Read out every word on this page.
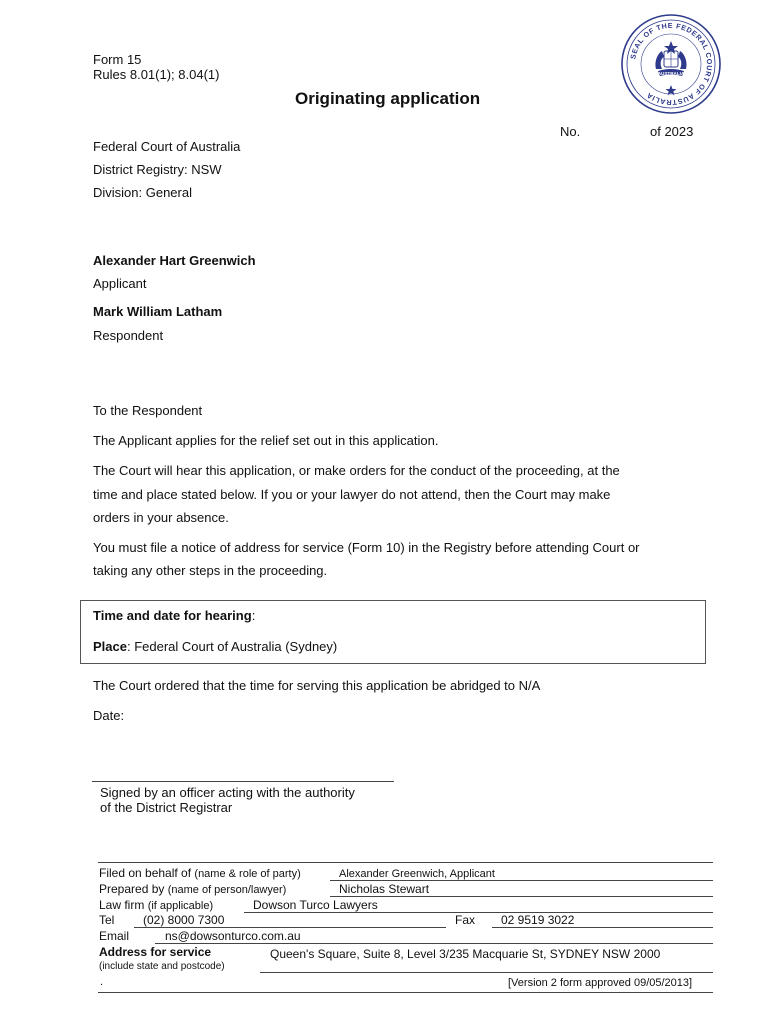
SEAL OF THE FEDERAL COURT OF AUSTRALIA
AUSTRALIA
Form 15
Rules 8.01(1); 8.04(1)
Originating application
No.	of 2023
Federal Court of Australia
District Registry: NSW
Division: General
Alexander Hart Greenwich
Applicant
Mark William Latham
Respondent
To the Respondent
The Applicant applies for the relief set out in this application.
The Court will hear this application, or make orders for the conduct of the proceeding, at the
time and place stated below. If you or your lawyer do not attend, then the Court may make
orders in your absence.
You must file a notice of address for service (Form 10) in the Registry before attending Court or
taking any other steps in the proceeding.
Time and date for hearing:
Place: Federal Court of Australia (Sydney)
The Court ordered that the time for serving this application be abridged to N/A
Date:
Signed by an officer acting with the authority
of the District Registrar
Filed on behalf of (name & role of party)	Alexander Greenwich, Applicant
Prepared by (name of person/lawyer)	Nicholas Stewart
Law firm (if applicable)	Dowson Turco Lawyers
Tel (02) 8000 7300	Fax 02 9519 3022
Email	ns@dowsonturco.com.au
Address for service	Queen's Square, Suite 8, Level 3/235 Macquarie St, SYDNEY NSW 2000
(include state and postcode)
.	[Version 2 form approved 09/05/2013]
